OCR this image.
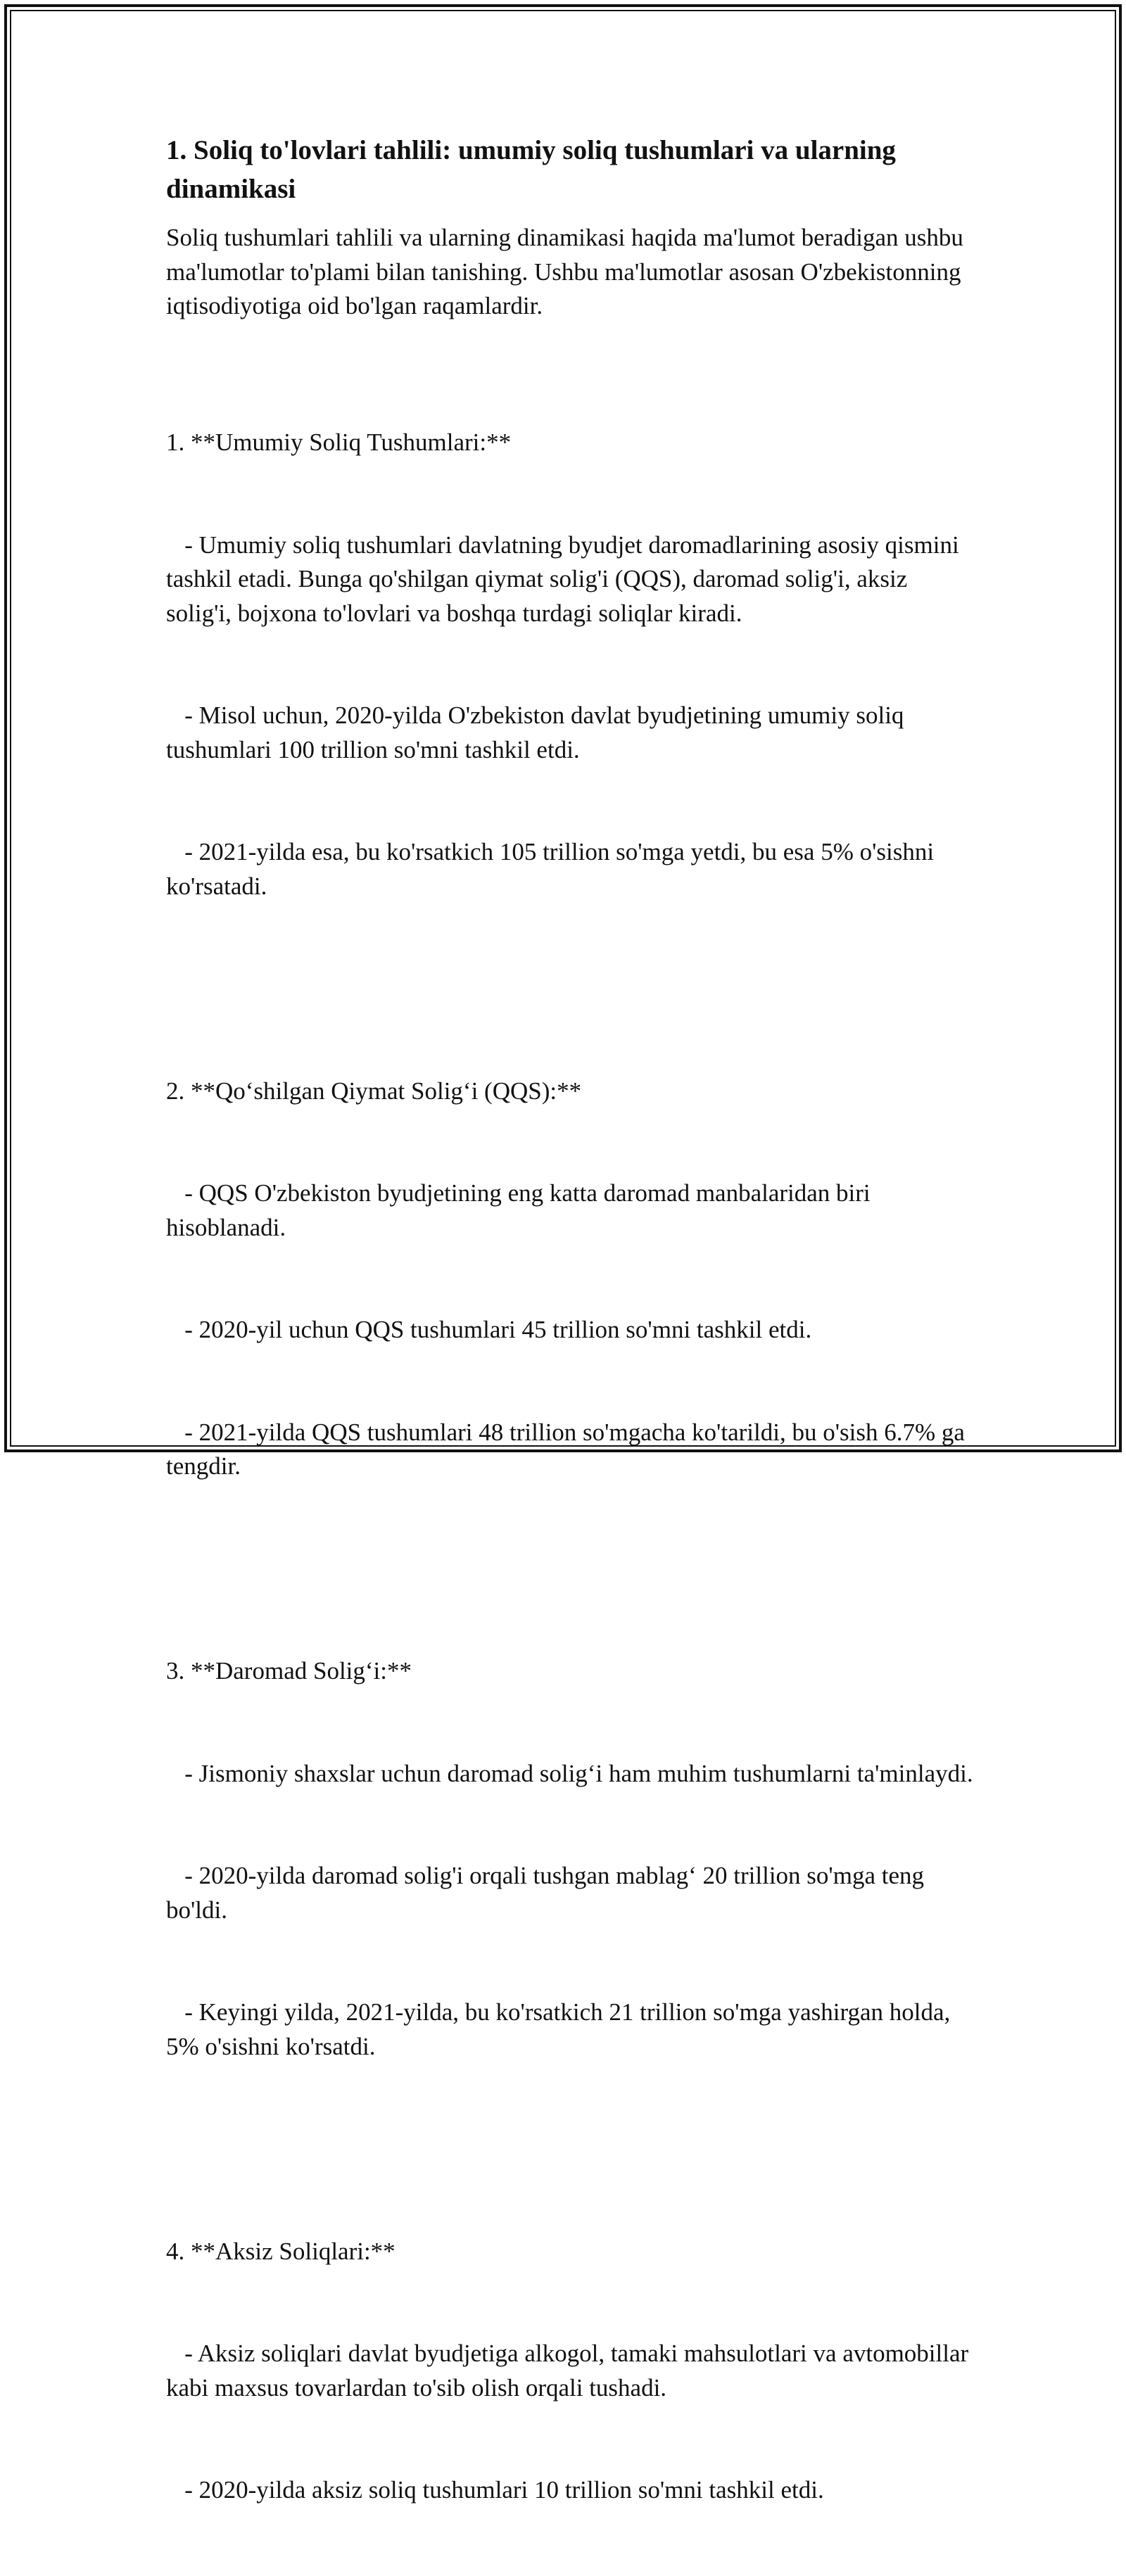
1. Soliq to'lovlari tahlili: umumiy soliq tushumlari va ularning dinamikasi

Soliq tushumlari tahlili va ularning dinamikasi haqida ma'lumot beradigan ushbu ma'lumotlar to'plami bilan tanishing. Ushbu ma'lumotlar asosan O'zbekistonning iqtisodiyotiga oid bo'lgan raqamlardir.

1. **Umumiy Soliq Tushumlari:**

- Umumiy soliq tushumlari davlatning byudjet daromadlarining asosiy qismini tashkil etadi. Bunga qo'shilgan qiymat solig'i (QQS), daromad solig'i, aksiz solig'i, bojxona to'lovlari va boshqa turdagi soliqlar kiradi.

- Misol uchun, 2020-yilda O'zbekiston davlat byudjetining umumiy soliq tushumlari 100 trillion so'mni tashkil etdi.

- 2021-yilda esa, bu ko'rsatkich 105 trillion so'mga yetdi, bu esa 5% o'sishni ko'rsatadi.

2. **Qo‘shilgan Qiymat Solig‘i (QQS):**

- QQS O'zbekiston byudjetining eng katta daromad manbalaridan biri hisoblanadi.

- 2020-yil uchun QQS tushumlari 45 trillion so'mni tashkil etdi.

- 2021-yilda QQS tushumlari 48 trillion so'mgacha ko'tarildi, bu o'sish 6.7% ga tengdir.

3. **Daromad Solig‘i:**

- Jismoniy shaxslar uchun daromad solig‘i ham muhim tushumlarni ta'minlaydi.

- 2020-yilda daromad solig'i orqali tushgan mablag‘ 20 trillion so'mga teng bo'ldi.

- Keyingi yilda, 2021-yilda, bu ko'rsatkich 21 trillion so'mga yashirgan holda, 5% o'sishni ko'rsatdi.

4. **Aksiz Soliqlari:**

- Aksiz soliqlari davlat byudjetiga alkogol, tamaki mahsulotlari va avtomobillar kabi maxsus tovarlardan to'sib olish orqali tushadi.

- 2020-yilda aksiz soliq tushumlari 10 trillion so'mni tashkil etdi.
